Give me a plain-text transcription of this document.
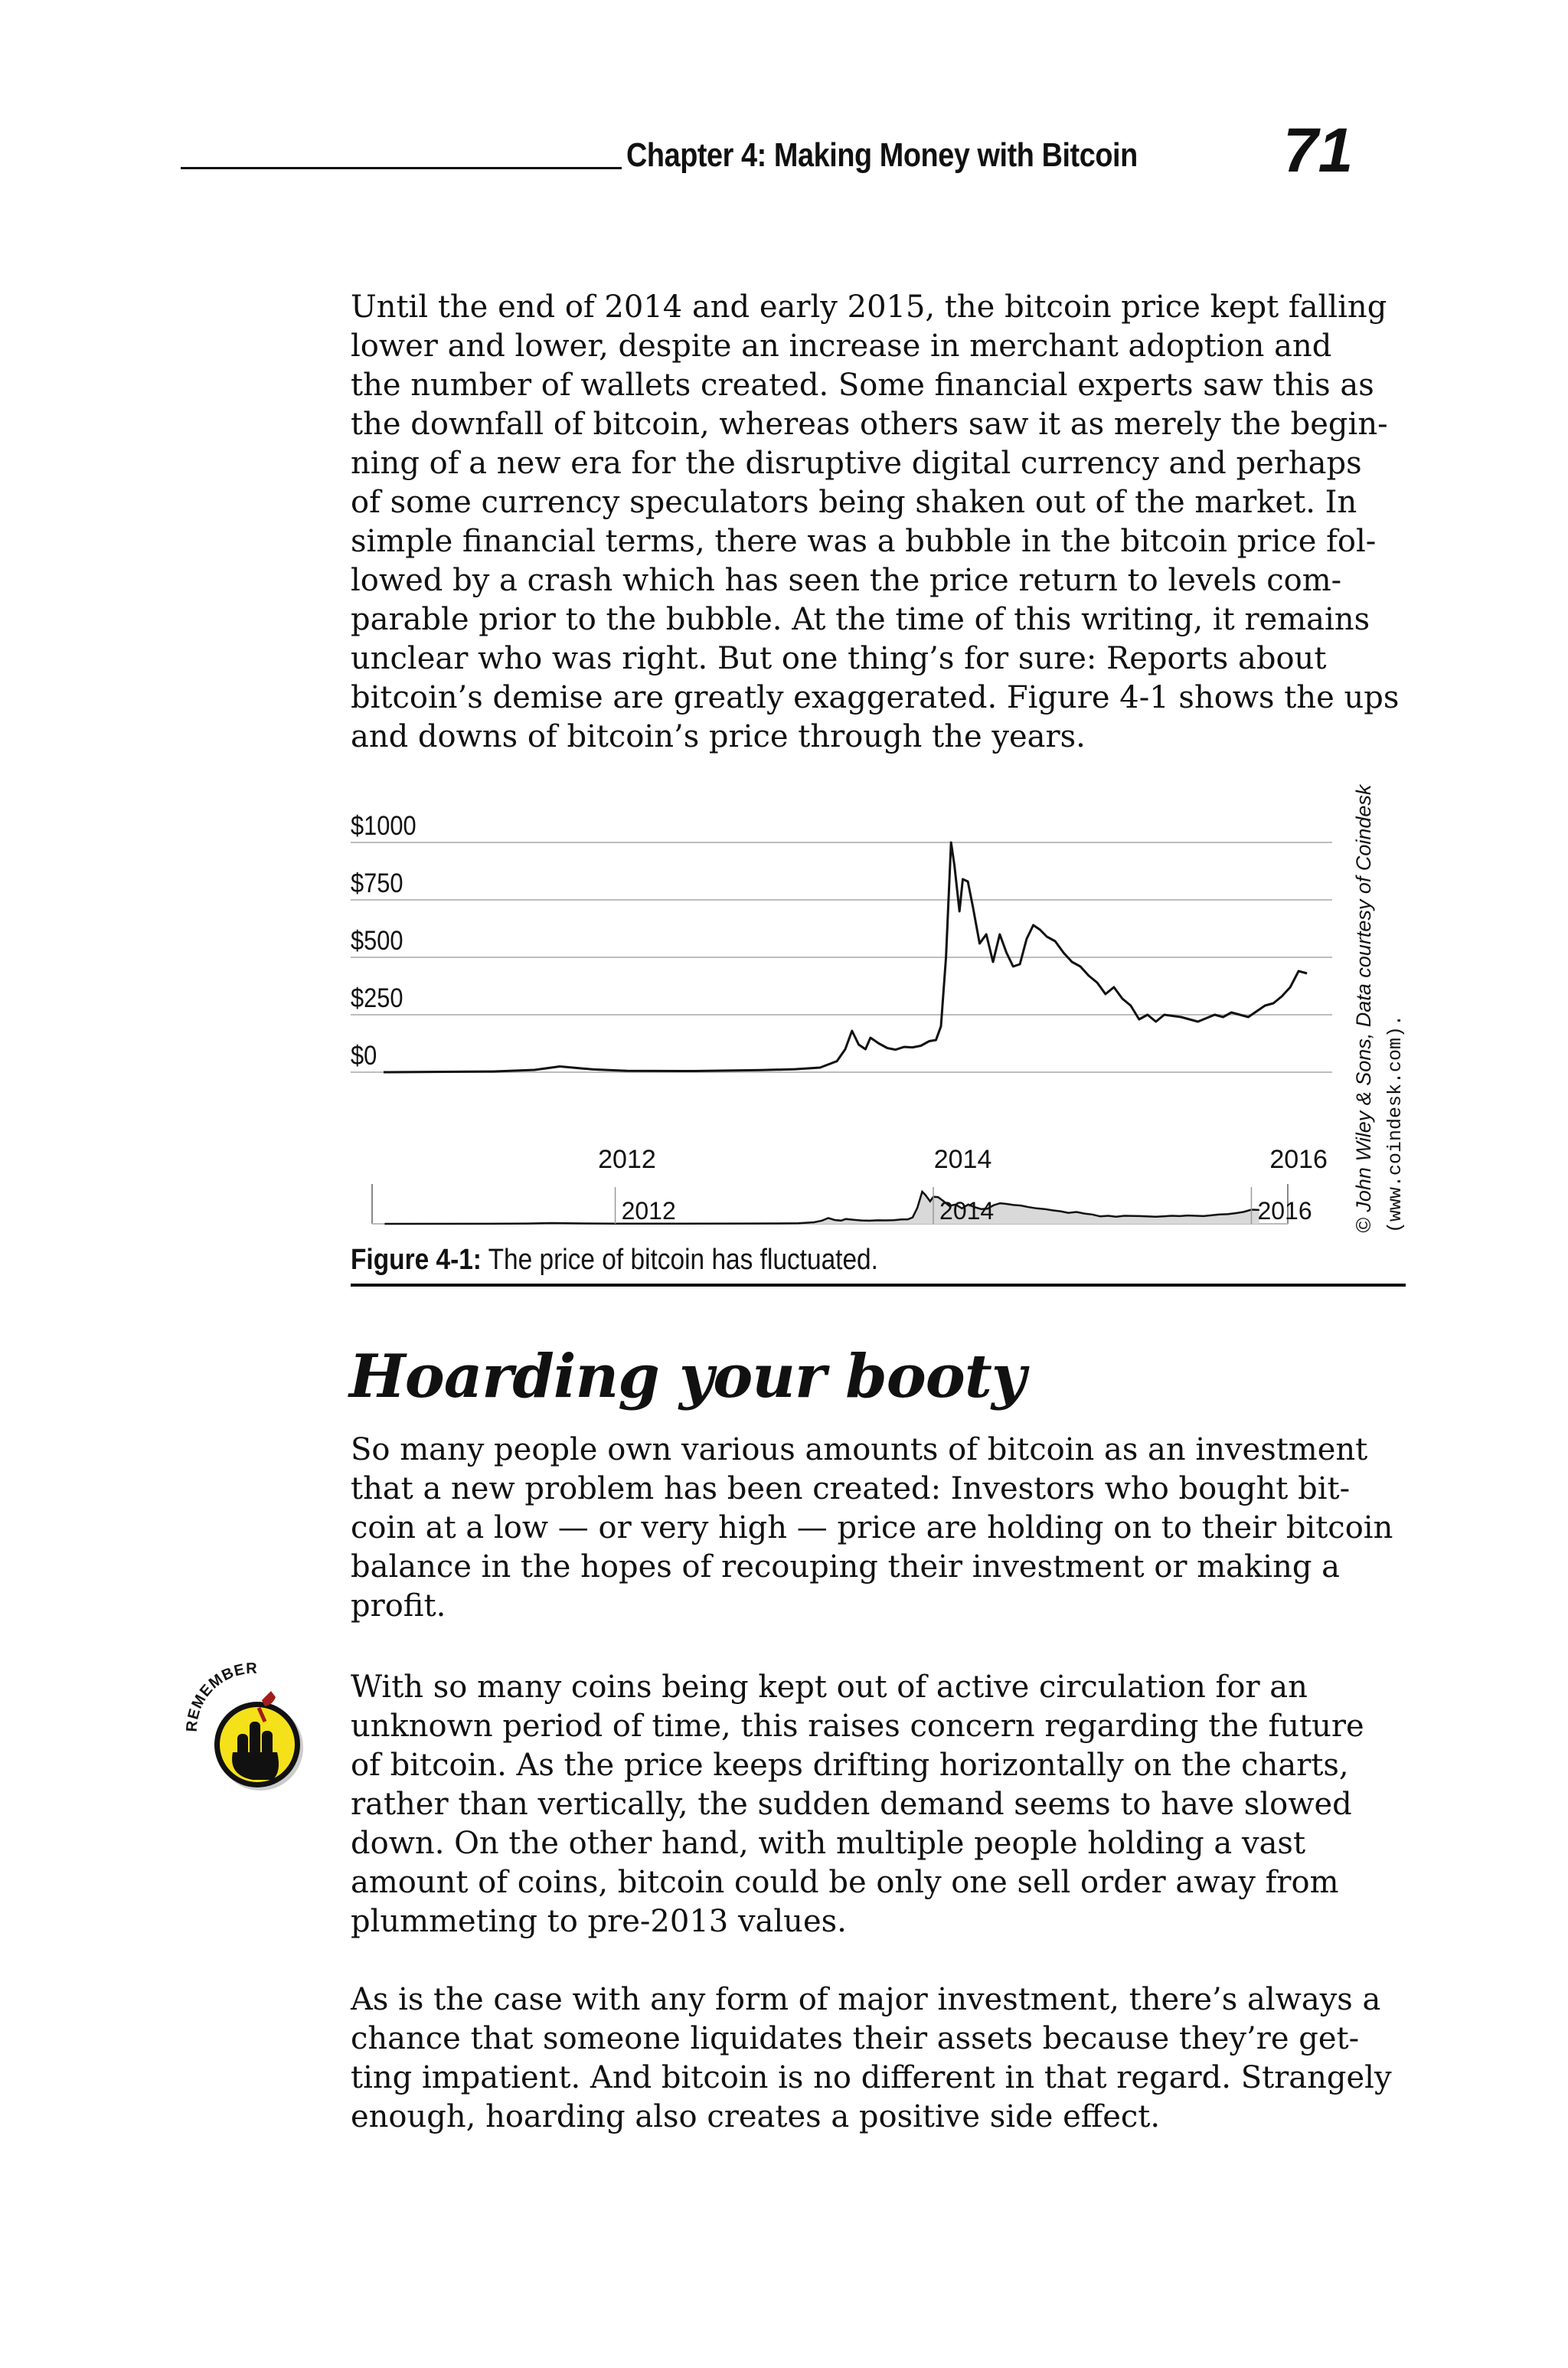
Chapter 4: Making Money with Bitcoin 71
Until the end of 2014 and early 2015, the bitcoin price kept falling
lower and lower, despite an increase in merchant adoption and
the number of wallets created. Some financial experts saw this as
the downfall of bitcoin, whereas others saw it as merely the begin-
ning of a new era for the disruptive digital currency and perhaps
of some currency speculators being shaken out of the market. In
simple financial terms, there was a bubble in the bitcoin price fol-
lowed by a crash which has seen the price return to levels com-
parable prior to the bubble. At the time of this writing, it remains
unclear who was right. But one thing’s for sure: Reports about
bitcoin’s demise are greatly exaggerated. Figure 4-1 shows the ups
and downs of bitcoin’s price through the years.
$1000
$750
$500
$250
$0
2012	2014	2016
2012	2014	2016 © John Wiley & Sons, Data courtesy of Coindesk (www.coindesk.com).
Figure 4-1: The price of bitcoin has fluctuated.
Hoarding your booty
So many people own various amounts of bitcoin as an investment
that a new problem has been created: Investors who bought bit-
coin at a low — or very high — price are holding on to their bitcoin
balance in the hopes of recouping their investment or making a
profit.
REMEMBER
With so many coins being kept out of active circulation for an
unknown period of time, this raises concern regarding the future
of bitcoin. As the price keeps drifting horizontally on the charts,
rather than vertically, the sudden demand seems to have slowed
down. On the other hand, with multiple people holding a vast
amount of coins, bitcoin could be only one sell order away from
plummeting to pre-2013 values.
As is the case with any form of major investment, there’s always a
chance that someone liquidates their assets because they’re get-
ting impatient. And bitcoin is no different in that regard. Strangely
enough, hoarding also creates a positive side effect.
